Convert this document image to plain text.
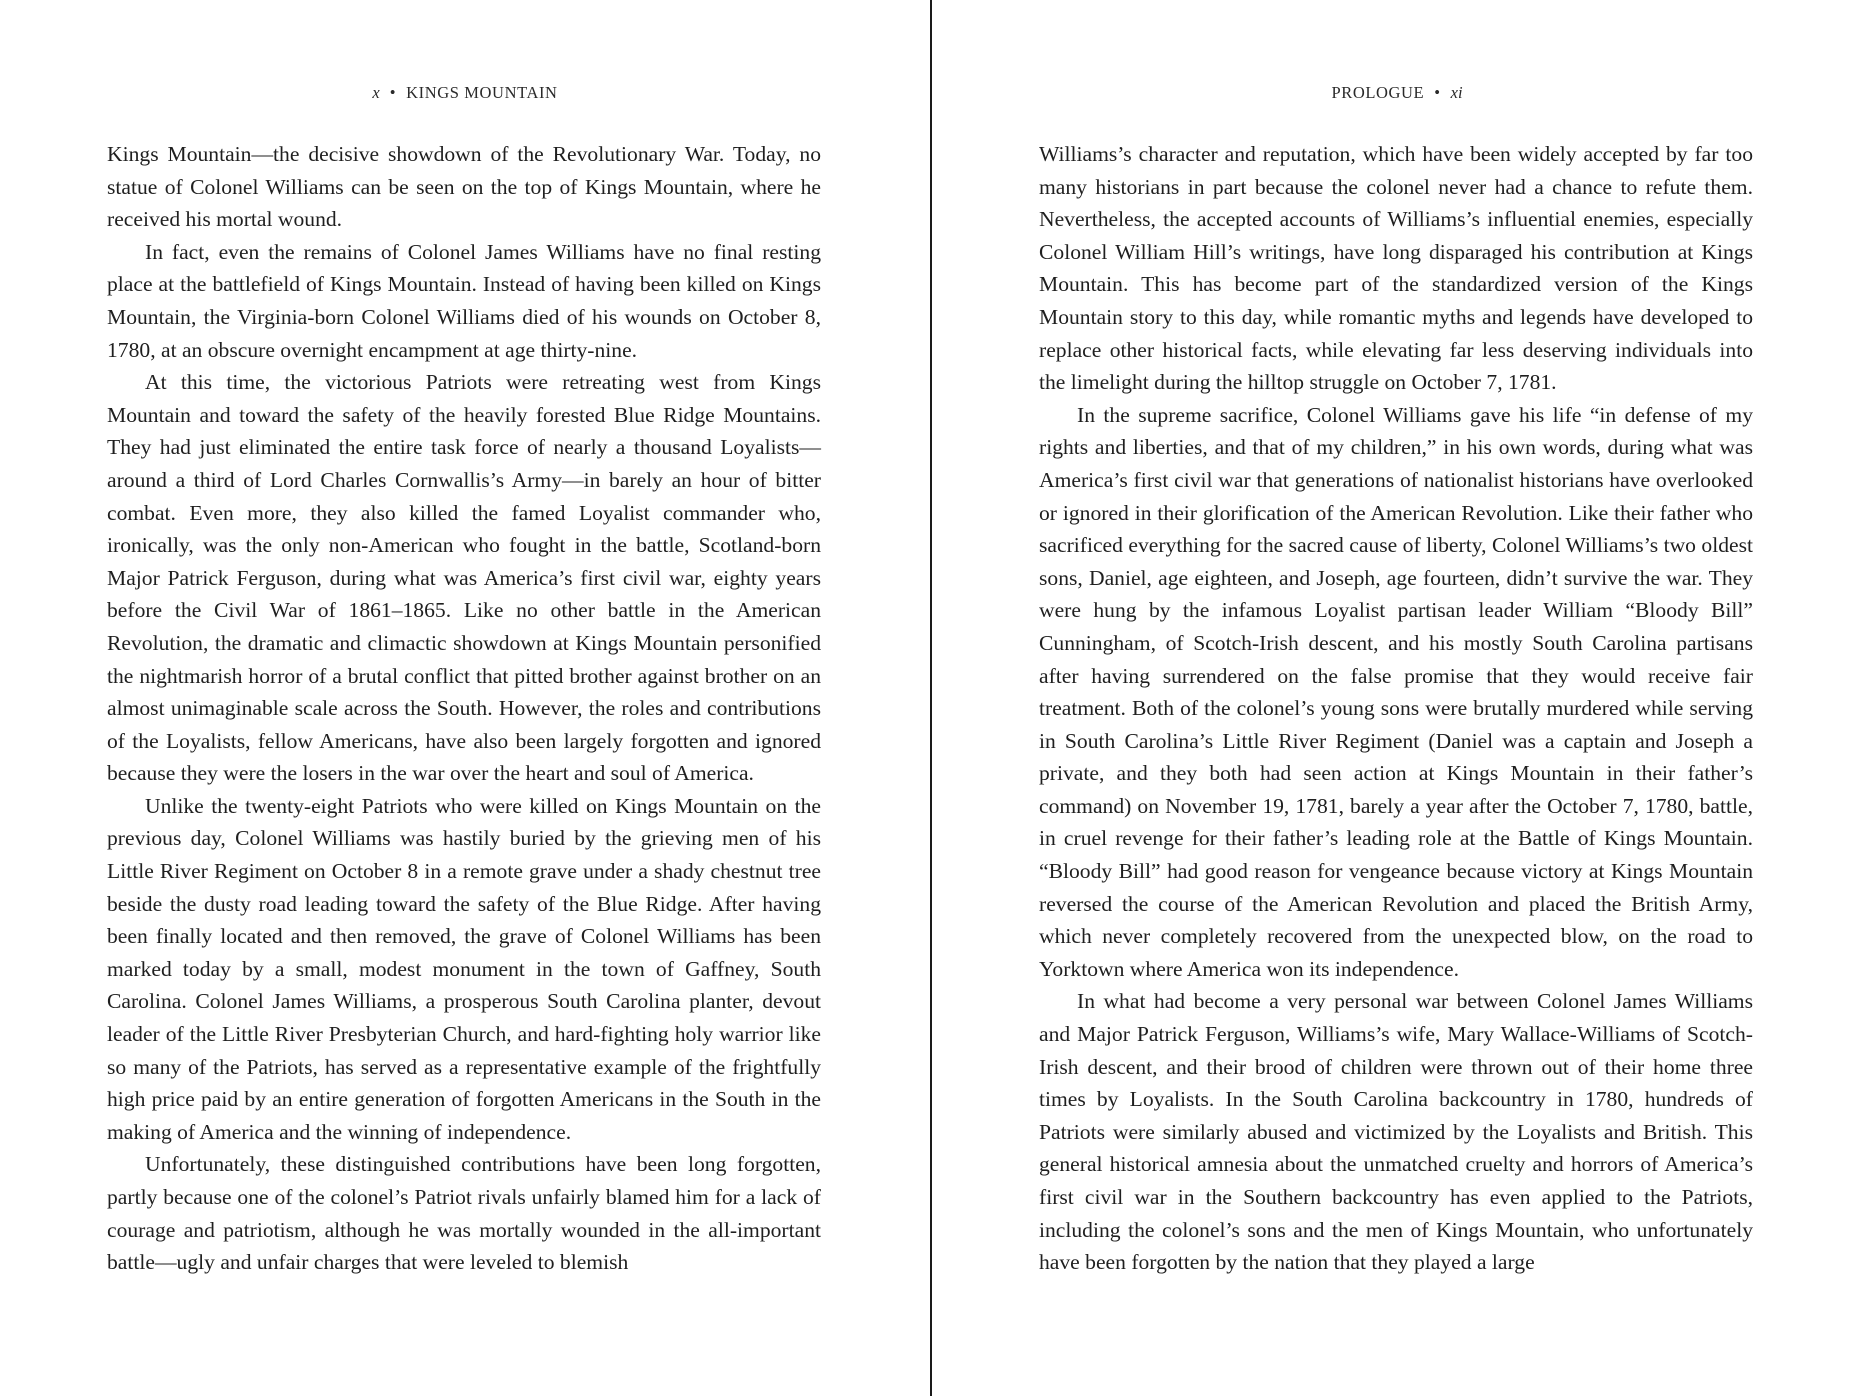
x • KINGS MOUNTAIN

Kings Mountain—the decisive showdown of the Revolutionary War. Today, no statue of Colonel Williams can be seen on the top of Kings Mountain, where he received his mortal wound.

In fact, even the remains of Colonel James Williams have no final resting place at the battlefield of Kings Mountain. Instead of having been killed on Kings Mountain, the Virginia-born Colonel Williams died of his wounds on October 8, 1780, at an obscure overnight encampment at age thirty-nine.

At this time, the victorious Patriots were retreating west from Kings Mountain and toward the safety of the heavily forested Blue Ridge Mountains. They had just eliminated the entire task force of nearly a thousand Loyalists—around a third of Lord Charles Cornwallis’s Army—in barely an hour of bitter combat. Even more, they also killed the famed Loyalist commander who, ironically, was the only non-American who fought in the battle, Scotland-born Major Patrick Ferguson, during what was America’s first civil war, eighty years before the Civil War of 1861–1865. Like no other battle in the American Revolution, the dramatic and climactic showdown at Kings Mountain personified the nightmarish horror of a brutal conflict that pitted brother against brother on an almost unimaginable scale across the South. However, the roles and contributions of the Loyalists, fellow Americans, have also been largely forgotten and ignored because they were the losers in the war over the heart and soul of America.

Unlike the twenty-eight Patriots who were killed on Kings Mountain on the previous day, Colonel Williams was hastily buried by the grieving men of his Little River Regiment on October 8 in a remote grave under a shady chestnut tree beside the dusty road leading toward the safety of the Blue Ridge. After having been finally located and then removed, the grave of Colonel Williams has been marked today by a small, modest monument in the town of Gaffney, South Carolina. Colonel James Williams, a prosperous South Carolina planter, devout leader of the Little River Presbyterian Church, and hard-fighting holy warrior like so many of the Patriots, has served as a representative example of the frightfully high price paid by an entire generation of forgotten Americans in the South in the making of America and the winning of independence.

Unfortunately, these distinguished contributions have been long forgotten, partly because one of the colonel’s Patriot rivals unfairly blamed him for a lack of courage and patriotism, although he was mortally wounded in the all-important battle—ugly and unfair charges that were leveled to blemish

PROLOGUE • xi

Williams’s character and reputation, which have been widely accepted by far too many historians in part because the colonel never had a chance to refute them. Nevertheless, the accepted accounts of Williams’s influential enemies, especially Colonel William Hill’s writings, have long disparaged his contribution at Kings Mountain. This has become part of the standardized version of the Kings Mountain story to this day, while romantic myths and legends have developed to replace other historical facts, while elevating far less deserving individuals into the limelight during the hilltop struggle on October 7, 1781.

In the supreme sacrifice, Colonel Williams gave his life “in defense of my rights and liberties, and that of my children,” in his own words, during what was America’s first civil war that generations of nationalist historians have overlooked or ignored in their glorification of the American Revolution. Like their father who sacrificed everything for the sacred cause of liberty, Colonel Williams’s two oldest sons, Daniel, age eighteen, and Joseph, age fourteen, didn’t survive the war. They were hung by the infamous Loyalist partisan leader William “Bloody Bill” Cunningham, of Scotch-Irish descent, and his mostly South Carolina partisans after having surrendered on the false promise that they would receive fair treatment. Both of the colonel’s young sons were brutally murdered while serving in South Carolina’s Little River Regiment (Daniel was a captain and Joseph a private, and they both had seen action at Kings Mountain in their father’s command) on November 19, 1781, barely a year after the October 7, 1780, battle, in cruel revenge for their father’s leading role at the Battle of Kings Mountain. “Bloody Bill” had good reason for vengeance because victory at Kings Mountain reversed the course of the American Revolution and placed the British Army, which never completely recovered from the unexpected blow, on the road to Yorktown where America won its independence.

In what had become a very personal war between Colonel James Williams and Major Patrick Ferguson, Williams’s wife, Mary Wallace-Williams of Scotch-Irish descent, and their brood of children were thrown out of their home three times by Loyalists. In the South Carolina backcountry in 1780, hundreds of Patriots were similarly abused and victimized by the Loyalists and British. This general historical amnesia about the unmatched cruelty and horrors of America’s first civil war in the Southern backcountry has even applied to the Patriots, including the colonel’s sons and the men of Kings Mountain, who unfortunately have been forgotten by the nation that they played a large
